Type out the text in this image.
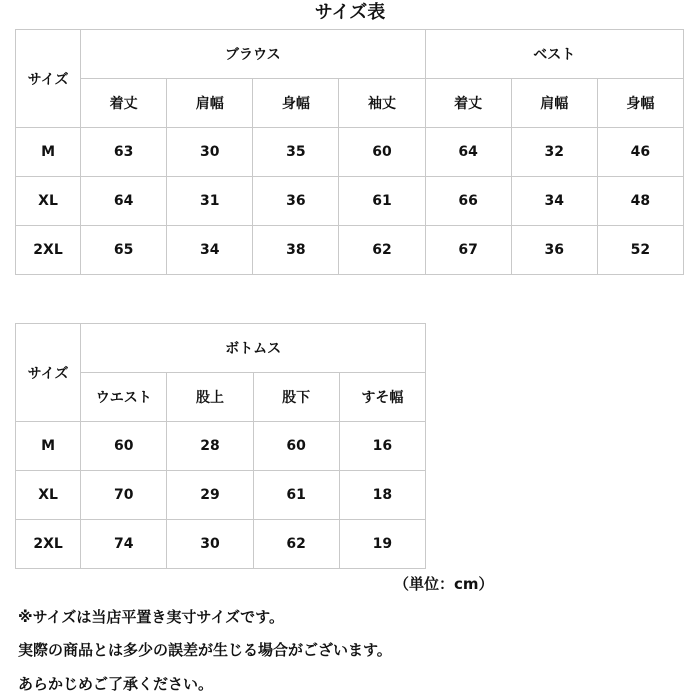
サイズ表
サイズ	ブラウス				ベスト		
	着丈	肩幅	身幅	袖丈	着丈	肩幅	身幅
M	63	30	35	60	64	32	46
XL	64	31	36	61	66	34	48
2XL	65	34	38	62	67	36	52
サイズ	ボトムス			
	ウエスト	股上	股下	すそ幅
M	60	28	60	16
XL	70	29	61	18
2XL	74	30	62	19
（単位：cm）
※サイズは当店平置き実寸サイズです。
実際の商品とは多少の誤差が生じる場合がございます。
あらかじめご了承ください。
